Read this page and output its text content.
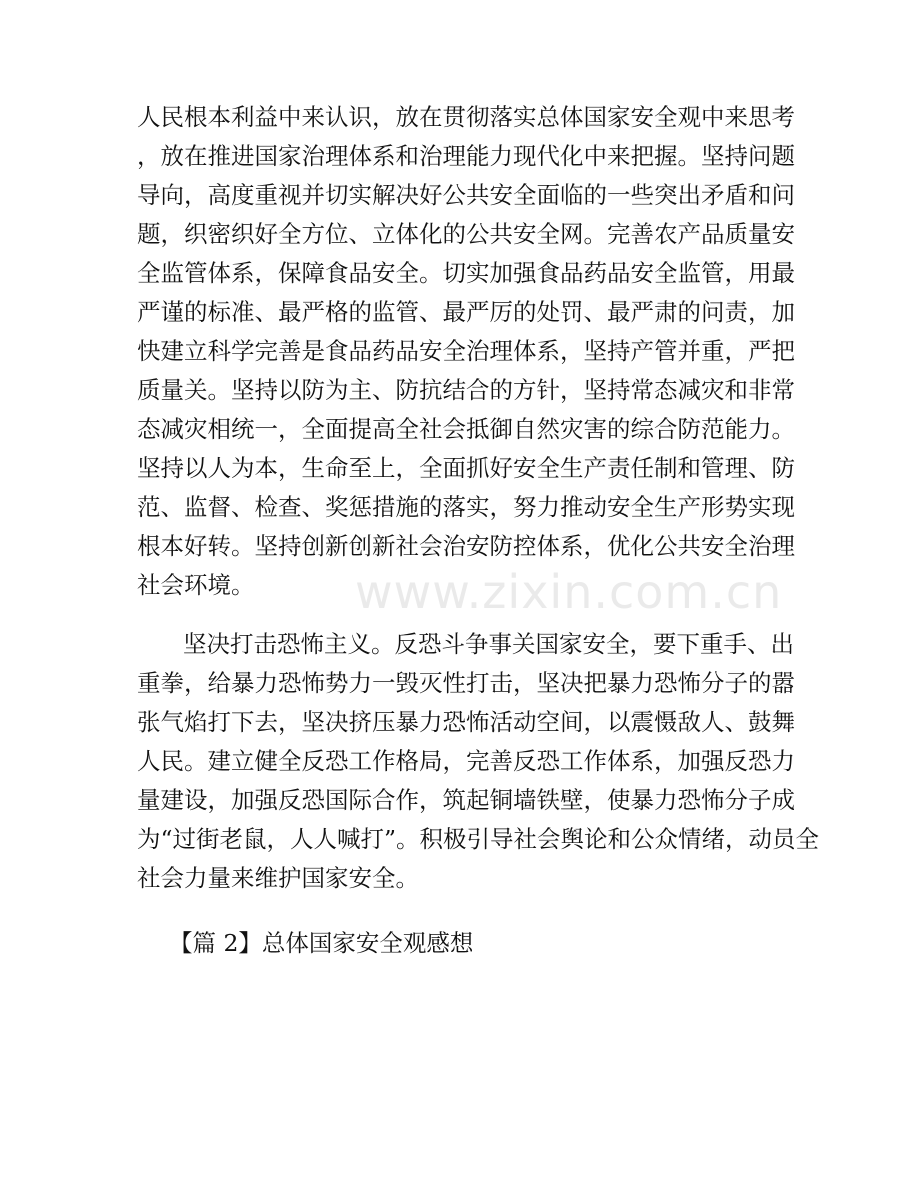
www.zixin.com.cn
人民根本利益中来认识，放在贯彻落实总体国家安全观中来思考
，放在推进国家治理体系和治理能力现代化中来把握。坚持问题
导向，高度重视并切实解决好公共安全面临的一些突出矛盾和问
题，织密织好全方位、立体化的公共安全网。完善农产品质量安
全监管体系，保障食品安全。切实加强食品药品安全监管，用最
严谨的标准、最严格的监管、最严厉的处罚、最严肃的问责，加
快建立科学完善是食品药品安全治理体系，坚持产管并重，严把
质量关。坚持以防为主、防抗结合的方针，坚持常态减灾和非常
态减灾相统一，全面提高全社会抵御自然灾害的综合防范能力。
坚持以人为本，生命至上，全面抓好安全生产责任制和管理、防
范、监督、检查、奖惩措施的落实，努力推动安全生产形势实现
根本好转。坚持创新创新社会治安防控体系，优化公共安全治理
社会环境。
坚决打击恐怖主义。反恐斗争事关国家安全，要下重手、出
重拳，给暴力恐怖势力一毁灭性打击，坚决把暴力恐怖分子的嚣
张气焰打下去，坚决挤压暴力恐怖活动空间，以震慑敌人、鼓舞
人民。建立健全反恐工作格局，完善反恐工作体系，加强反恐力
量建设，加强反恐国际合作，筑起铜墙铁壁，使暴力恐怖分子成
为“过街老鼠，人人喊打”。积极引导社会舆论和公众情绪，动员全
社会力量来维护国家安全。
【篇 2】总体国家安全观感想
